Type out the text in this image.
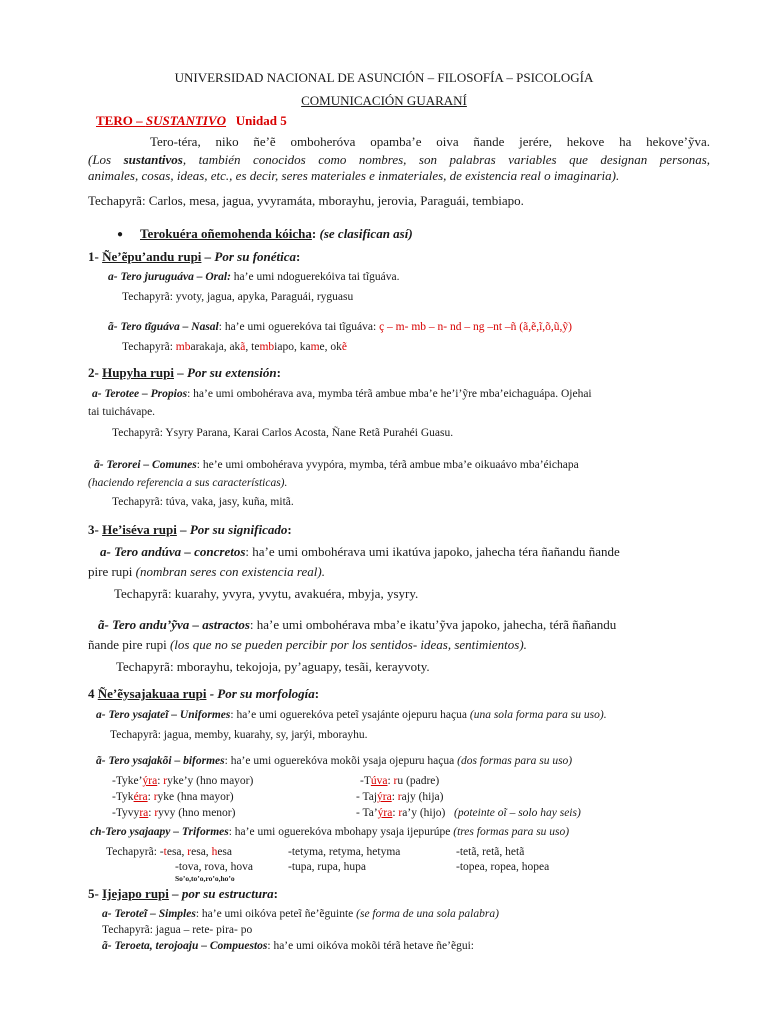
UNIVERSIDAD NACIONAL DE ASUNCIÓN – FILOSOFÍA – PSICOLOGÍA
COMUNICACIÓN GUARANÍ
TERO – SUSTANTIVO Unidad 5
Tero-téra, niko ñe’ẽ omboheróva opamba’e oiva ñande jerére, hekove ha hekove’ỹva.
(Los sustantivos, también conocidos como nombres, son palabras variables que designan personas,
animales, cosas, ideas, etc., es decir, seres materiales e inmateriales, de existencia real o imaginaria).
Techapyrã: Carlos, mesa, jagua, yvyramáta, mborayhu, jerovia, Paraguái, tembiapo.
● Terokuéra oñemohenda kóicha: (se clasifican así)
1- Ñe’ẽpu’andu rupi – Por su fonética:
a- Tero juruguáva – Oral: ha’e umi ndoguerekóiva tai tĩguáva.
Techapyrã: yvoty, jagua, apyka, Paraguái, ryguasu
ã- Tero tĩguáva – Nasal: ha’e umi oguerekóva tai tĩguáva: ç – m- mb – n- nd – ng –nt –ñ (ã,ẽ,ĩ,õ,ũ,ỹ)
Techapyrã: mbarakaja, akã, tembiapo, kame, okẽ
2- Hupyha rupi – Por su extensión:
a- Terotee – Propios: ha’e umi ombohérava ava, mymba térã ambue mba’e he’i’ỹre mba’eichaguápa. Ojehai
tai tuichávape.
Techapyrã: Ysyry Parana, Karai Carlos Acosta, Ñane Retã Purahéi Guasu.
ã- Terorei – Comunes: he’e umi ombohérava yvypóra, mymba, térã ambue mba’e oikuaávo mba’éichapa
(haciendo referencia a sus características).
Techapyrã: túva, vaka, jasy, kuña, mitã.
3- He’iséva rupi – Por su significado:
a- Tero andúva – concretos: ha’e umi ombohérava umi ikatúva japoko, jahecha téra ñañandu ñande
pire rupi (nombran seres con existencia real).
Techapyrã: kuarahy, yvyra, yvytu, avakuéra, mbyja, ysyry.
ã- Tero andu’ỹva – astractos: ha’e umi ombohérava mba’e ikatu’ỹva japoko, jahecha, térã ñañandu
ñande pire rupi (los que no se pueden percibir por los sentidos- ideas, sentimientos).
Techapyrã: mborayhu, tekojoja, py’aguapy, tesãi, kerayvoty.
4 Ñe’ẽysajakuaa rupi - Por su morfología:
a- Tero ysajateĩ – Uniformes: ha’e umi oguerekóva peteĩ ysajánte ojepuru haçua (una sola forma para su uso).
Techapyrã: jagua, memby, kuarahy, sy, jarýi, mborayhu.
ã- Tero ysajakõi – biformes: ha’e umi oguerekóva mokõi ysaja ojepuru haçua (dos formas para su uso)
-Tyke’ýra: ryke’y (hno mayor)
-Tykéra: ryke (hna mayor)
-Tyvyra: ryvy (hno menor)
-Túva: ru (padre)
- Tajýra: rajy (hija)
- Ta’ýra: ra’y (hijo) (poteinte oĩ – solo hay seis)
ch-Tero ysajaapy – Triformes: ha’e umi oguerekóva mbohapy ysaja ijepurúpe (tres formas para su uso)
Techapyrã: -tesa, resa, hesa
-tova, rova, hova
So’o,to’o,ro’o,ho’o
-tetyma, retyma, hetyma
-tupa, rupa, hupa
-tetã, retã, hetã
-topea, ropea, hopea
5- Ijejapo rupi – por su estructura:
a- Teroteĩ – Simples: ha’e umi oikóva peteĩ ñe’ẽguinte (se forma de una sola palabra)
Techapyrã: jagua – rete- pira- po
ã- Teroeta, terojoaju – Compuestos: ha’e umi oikóva mokõi térã hetave ñe’ẽgui:
